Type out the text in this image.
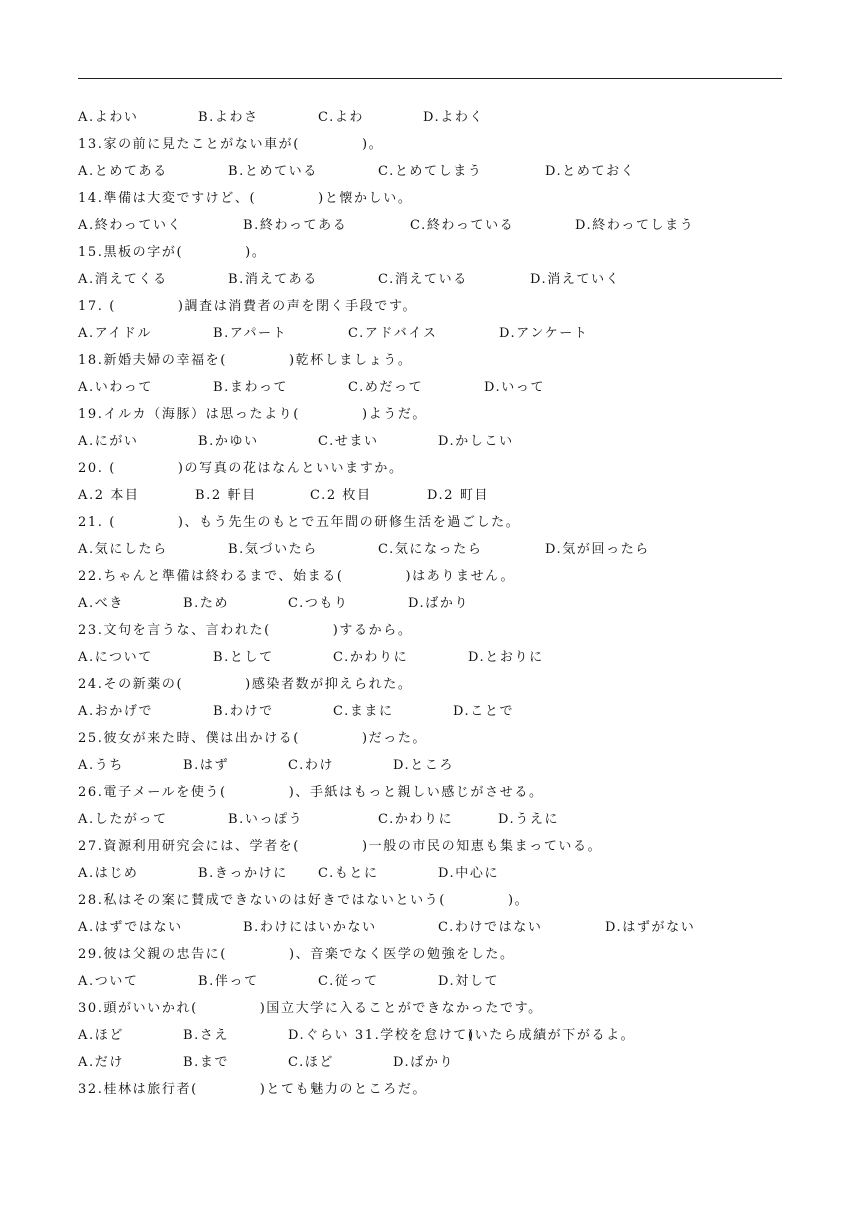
A.よわい	B.よわさ	C.よわ	D.よわく
13.家の前に見たことがない車が(	)。
A.とめてある	B.とめている	C.とめてしまう	D.とめておく
14.準備は大変ですけど、(	)と懐かしい。
A.終わっていく	B.終わってある	C.終わっている	D.終わってしまう
15.黒板の字が(	)。
A.消えてくる	B.消えてある	C.消えている	D.消えていく
17. (	)調査は消費者の声を閉く手段です。
A.アイドル	B.アパート	C.アドバイス	D.アンケート
18.新婚夫婦の幸福を(	)乾杯しましょう。
A.いわって	B.まわって	C.めだって	D.いって
19.イルカ（海豚）は思ったより(	)ようだ。
A.にがい	B.かゆい	C.せまい	D.かしこい
20. (	)の写真の花はなんといいますか。
A.2 本目	B.2 軒目	C.2 枚目	D.2 町目
21. (	)、もう先生のもとで五年間の研修生活を過ごした。
A.気にしたら	B.気づいたら	C.気になったら	D.気が回ったら
22.ちゃんと準備は終わるまで、始まる(	)はありません。
A.べき	B.ため	C.つもり	D.ばかり
23.文句を言うな、言われた(	)するから。
A.について	B.として	C.かわりに	D.とおりに
24.その新薬の(	)感染者数が抑えられた。
A.おかげで	B.わけで	C.ままに	D.ことで
25.彼女が来た時、僕は出かける(	)だった。
A.うち	B.はず	C.わけ	D.ところ
26.電子メールを使う(	)、手紙はもっと親しい感じがさせる。
A.したがって	B.いっぽう	C.かわりに	D.うえに
27.資源利用研究会には、学者を(	)一般の市民の知恵も集まっている。
A.はじめ	B.きっかけに C.もとに	D.中心に
28.私はその案に賛成できないのは好きではないという(	)。
A.はずではない	B.わけにはいかない	C.わけではない	D.はずがない
29.彼は父親の忠告に(	)、音楽でなく医学の勉強をした。
A.ついて	B.伴って	C.従って	D.対して
30.頭がいいかれ(	)国立大学に入ることができなかったです。
A.ほど	B.さえ	D.ぐらい 31.学校を怠けて(
)いたら成績が下がるよ。
A.だけ	B.まで	C.ほど	D.ばかり
32.桂林は旅行者(	)とても魅力のところだ。
